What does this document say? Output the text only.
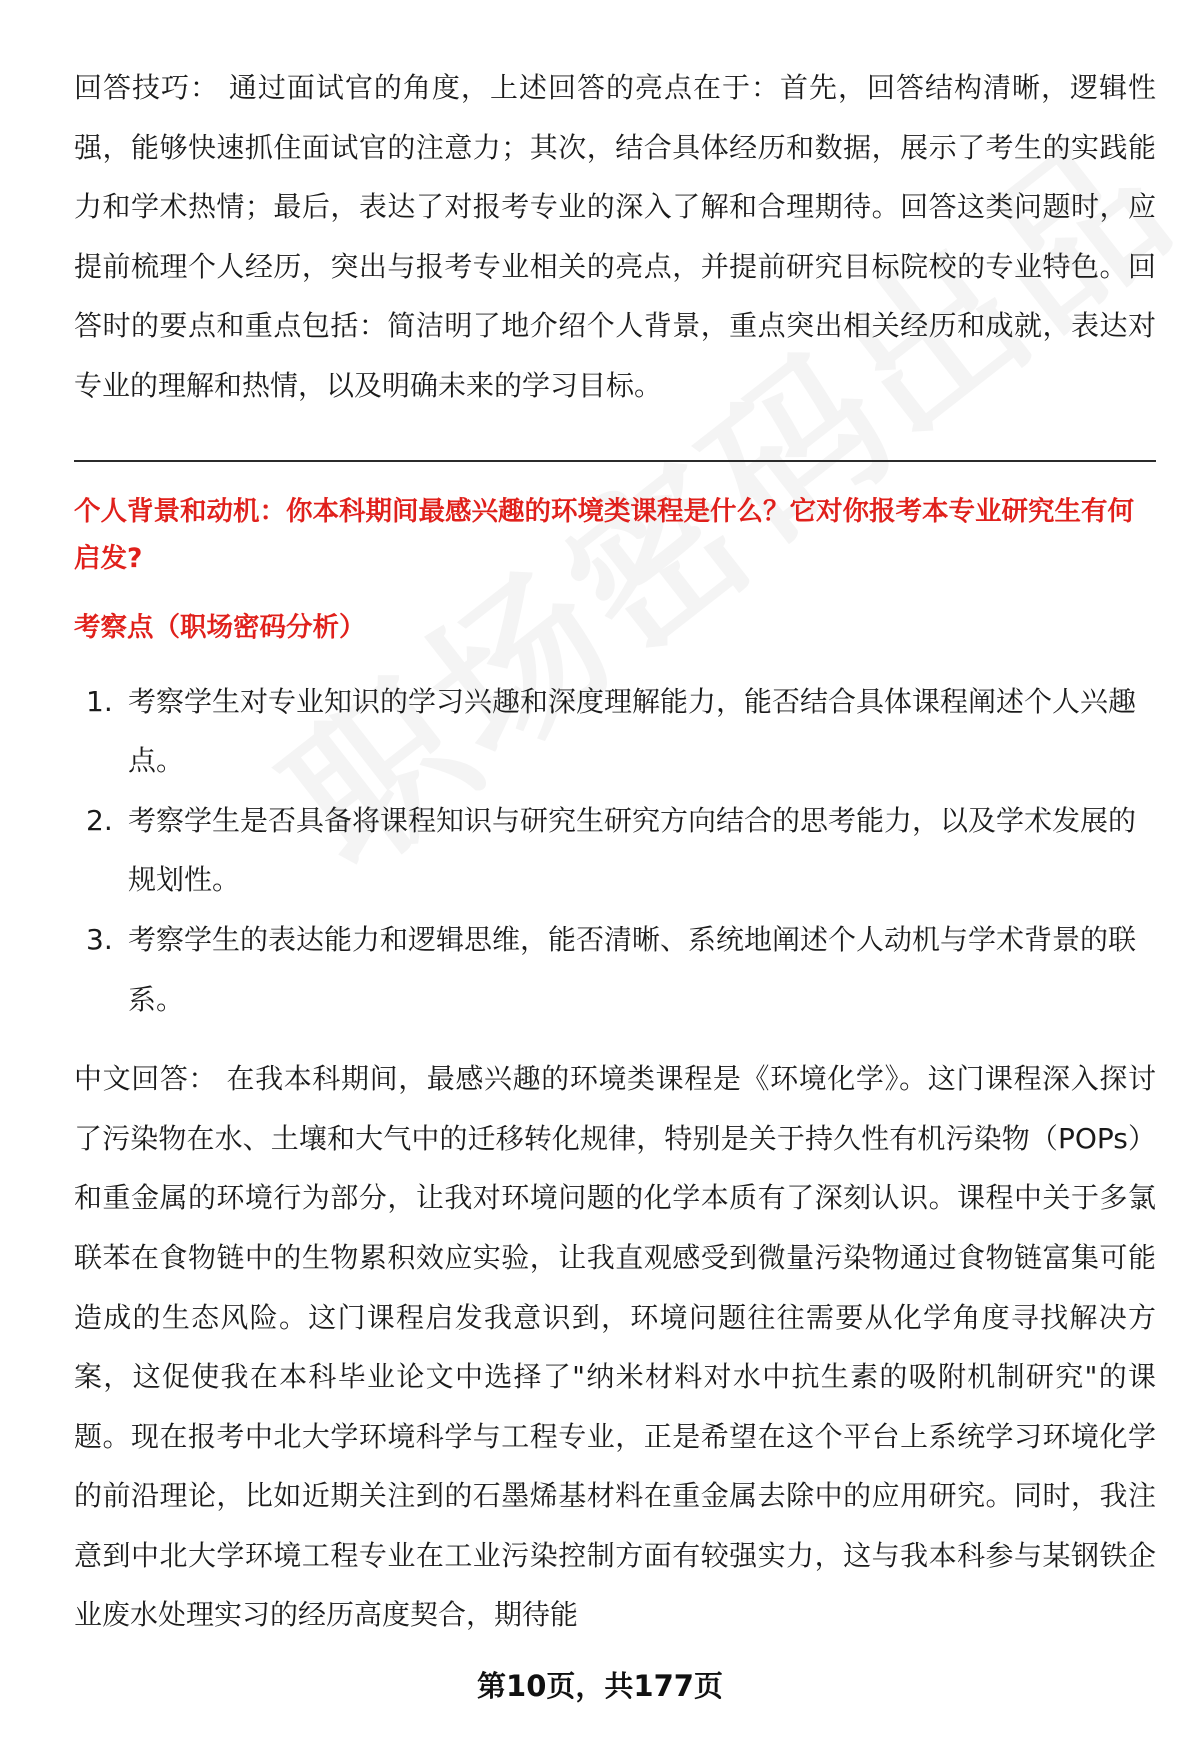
回答技巧： 通过面试官的角度，上述回答的亮点在于：首先，回答结构清晰，逻辑性强，能够快速抓住面试官的注意力；其次，结合具体经历和数据，展示了考生的实践能力和学术热情；最后，表达了对报考专业的深入了解和合理期待。回答这类问题时，应提前梳理个人经历，突出与报考专业相关的亮点，并提前研究目标院校的专业特色。回答时的要点和重点包括：简洁明了地介绍个人背景，重点突出相关经历和成就，表达对专业的理解和热情，以及明确未来的学习目标。

个人背景和动机：你本科期间最感兴趣的环境类课程是什么？它对你报考本专业研究生有何启发?
考察点（职场密码分析）
1. 考察学生对专业知识的学习兴趣和深度理解能力，能否结合具体课程阐述个人兴趣点。
2. 考察学生是否具备将课程知识与研究生研究方向结合的思考能力，以及学术发展的规划性。
3. 考察学生的表达能力和逻辑思维，能否清晰、系统地阐述个人动机与学术背景的联系。

中文回答： 在我本科期间，最感兴趣的环境类课程是《环境化学》。这门课程深入探讨了污染物在水、土壤和大气中的迁移转化规律，特别是关于持久性有机污染物（POPs）和重金属的环境行为部分，让我对环境问题的化学本质有了深刻认识。课程中关于多氯联苯在食物链中的生物累积效应实验，让我直观感受到微量污染物通过食物链富集可能造成的生态风险。这门课程启发我意识到，环境问题往往需要从化学角度寻找解决方案，这促使我在本科毕业论文中选择了"纳米材料对水中抗生素的吸附机制研究"的课题。现在报考中北大学环境科学与工程专业，正是希望在这个平台上系统学习环境化学的前沿理论，比如近期关注到的石墨烯基材料在重金属去除中的应用研究。同时，我注意到中北大学环境工程专业在工业污染控制方面有较强实力，这与我本科参与某钢铁企业废水处理实习的经历高度契合，期待能

第10页，共177页
